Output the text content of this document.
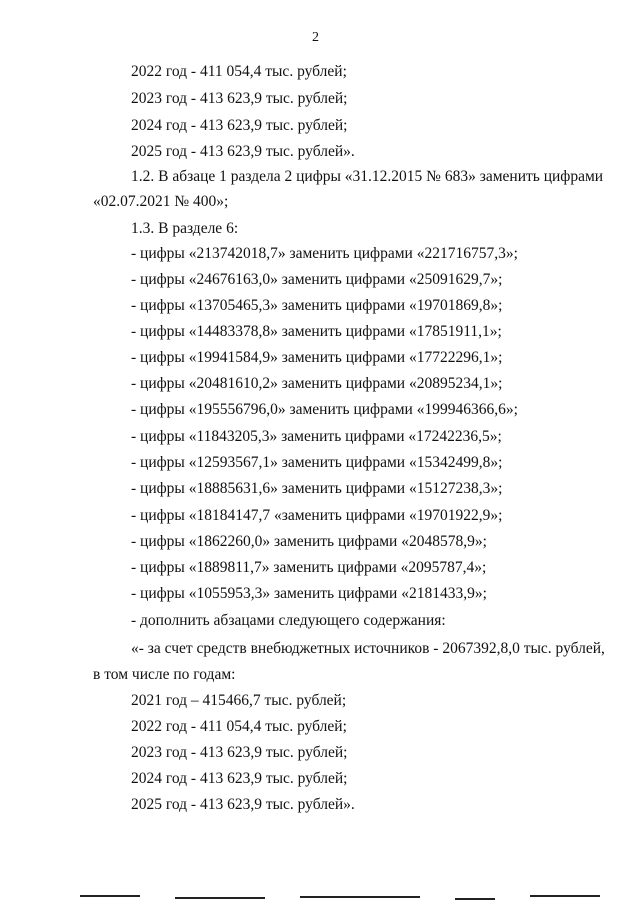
2
2022 год - 411 054,4 тыс. рублей;
2023 год - 413 623,9 тыс. рублей;
2024 год - 413 623,9 тыс. рублей;
2025 год - 413 623,9 тыс. рублей».
1.2. В абзаце 1 раздела 2 цифры «31.12.2015 № 683» заменить цифрами
«02.07.2021 № 400»;
1.3. В разделе 6:
- цифры «213742018,7» заменить цифрами «221716757,3»;
- цифры «24676163,0» заменить цифрами «25091629,7»;
- цифры «13705465,3» заменить цифрами «19701869,8»;
- цифры «14483378,8» заменить цифрами «17851911,1»;
- цифры «19941584,9» заменить цифрами «17722296,1»;
- цифры «20481610,2» заменить цифрами «20895234,1»;
- цифры «195556796,0» заменить цифрами «199946366,6»;
- цифры «11843205,3» заменить цифрами «17242236,5»;
- цифры «12593567,1» заменить цифрами «15342499,8»;
- цифры «18885631,6» заменить цифрами «15127238,3»;
- цифры «18184147,7 «заменить цифрами «19701922,9»;
- цифры «1862260,0» заменить цифрами «2048578,9»;
- цифры «1889811,7» заменить цифрами «2095787,4»;
- цифры «1055953,3» заменить цифрами «2181433,9»;
- дополнить абзацами следующего содержания:
«- за счет средств внебюджетных источников - 2067392,8,0 тыс. рублей,
в том числе по годам:
2021 год – 415466,7 тыс. рублей;
2022 год - 411 054,4 тыс. рублей;
2023 год - 413 623,9 тыс. рублей;
2024 год - 413 623,9 тыс. рублей;
2025 год - 413 623,9 тыс. рублей».
